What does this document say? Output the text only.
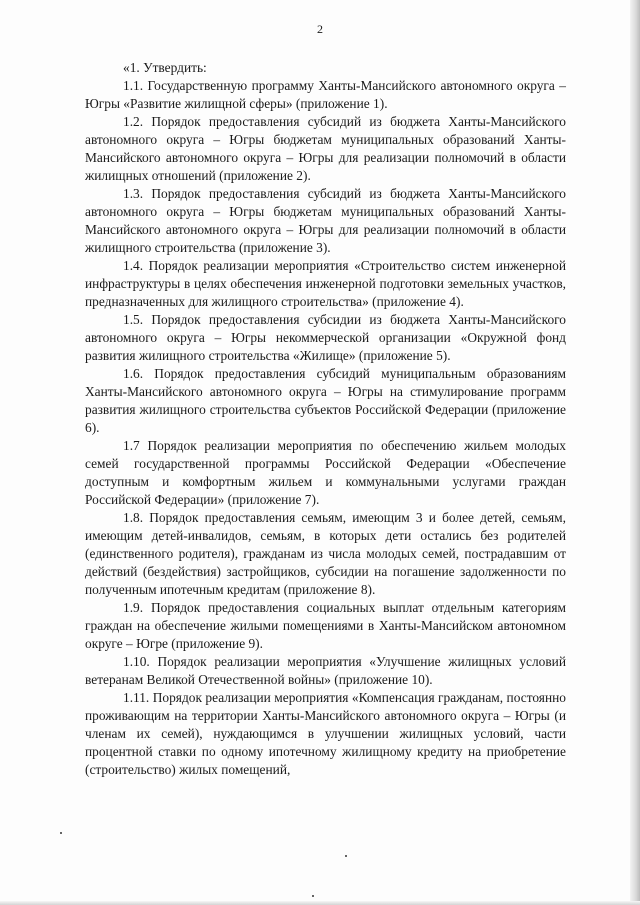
2

«1. Утвердить:

1.1. Государственную программу Ханты-Мансийского автономного округа – Югры «Развитие жилищной сферы» (приложение 1).

1.2. Порядок предоставления субсидий из бюджета Ханты-Мансийского автономного округа – Югры бюджетам муниципальных образований Ханты-Мансийского автономного округа – Югры для реализации полномочий в области жилищных отношений (приложение 2).

1.3. Порядок предоставления субсидий из бюджета Ханты-Мансийского автономного округа – Югры бюджетам муниципальных образований Ханты-Мансийского автономного округа – Югры для реализации полномочий в области жилищного строительства (приложение 3).

1.4. Порядок реализации мероприятия «Строительство систем инженерной инфраструктуры в целях обеспечения инженерной подготовки земельных участков, предназначенных для жилищного строительства» (приложение 4).

1.5. Порядок предоставления субсидии из бюджета Ханты-Мансийского автономного округа – Югры некоммерческой организации «Окружной фонд развития жилищного строительства «Жилище» (приложение 5).

1.6. Порядок предоставления субсидий муниципальным образованиям Ханты-Мансийского автономного округа – Югры на стимулирование программ развития жилищного строительства субъектов Российской Федерации (приложение 6).

1.7 Порядок реализации мероприятия по обеспечению жильем молодых семей государственной программы Российской Федерации «Обеспечение доступным и комфортным жильем и коммунальными услугами граждан Российской Федерации» (приложение 7).

1.8. Порядок предоставления семьям, имеющим 3 и более детей, семьям, имеющим детей-инвалидов, семьям, в которых дети остались без родителей (единственного родителя), гражданам из числа молодых семей, пострадавшим от действий (бездействия) застройщиков, субсидии на погашение задолженности по полученным ипотечным кредитам (приложение 8).

1.9. Порядок предоставления социальных выплат отдельным категориям граждан на обеспечение жилыми помещениями в Ханты-Мансийском автономном округе – Югре (приложение 9).

1.10. Порядок реализации мероприятия «Улучшение жилищных условий ветеранам Великой Отечественной войны» (приложение 10).

1.11. Порядок реализации мероприятия «Компенсация гражданам, постоянно проживающим на территории Ханты-Мансийского автономного округа – Югры (и членам их семей), нуждающимся в улучшении жилищных условий, части процентной ставки по одному ипотечному жилищному кредиту на приобретение (строительство) жилых помещений,
